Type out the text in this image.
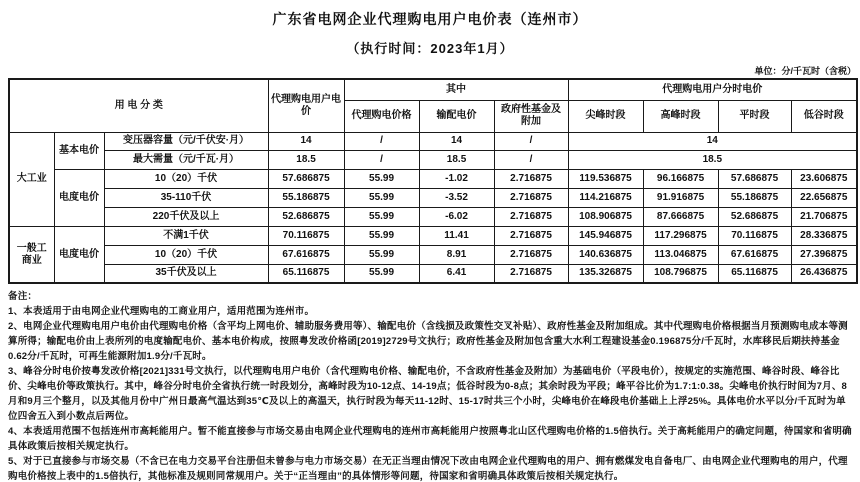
广东省电网企业代理购电用户电价表（连州市）
（执行时间：2023年1月）
单位：分/千瓦时（含税）
用 电 分 类			代理购电用户电价	其中			代理购电用户分时电价			
				代理购电价格	输配电价	政府性基金及附加	尖峰时段	高峰时段	平时段	低谷时段
大工业	基本电价	变压器容量（元/千伏安·月）	14	/	14	/	14			
		最大需量（元/千瓦·月）	18.5	/	18.5	/	18.5			
	电度电价	10（20）千伏	57.686875	55.99	-1.02	2.716875	119.536875	96.166875	57.686875	23.606875
		35-110千伏	55.186875	55.99	-3.52	2.716875	114.216875	91.916875	55.186875	22.656875
		220千伏及以上	52.686875	55.99	-6.02	2.716875	108.906875	87.666875	52.686875	21.706875
一般工商业	电度电价	不满1千伏	70.116875	55.99	11.41	2.716875	145.946875	117.296875	70.116875	28.336875
		10（20）千伏	67.616875	55.99	8.91	2.716875	140.636875	113.046875	67.616875	27.396875
		35千伏及以上	65.116875	55.99	6.41	2.716875	135.326875	108.796875	65.116875	26.436875

备注：

1、本表适用于由电网企业代理购电的工商业用户，适用范围为连州市。

2、电网企业代理购电用户电价由代理购电价格（含平均上网电价、辅助服务费用等）、输配电价（含线损及政策性交叉补贴）、政府性基金及附加组成。其中代理购电价格根据当月预测购电成本等测算所得；输配电价由上表所列的电度输配电价、基本电价构成，按照粤发改价格函[2019]2729号文执行；政府性基金及附加包含重大水利工程建设基金0.196875分/千瓦时，水库移民后期扶持基金0.62分/千瓦时，可再生能源附加1.9分/千瓦时。

3、峰谷分时电价按粤发改价格[2021]331号文执行，以代理购电用户电价（含代理购电价格、输配电价，不含政府性基金及附加）为基础电价（平段电价），按规定的实施范围、峰谷时段、峰谷比价、尖峰电价等政策执行。其中，峰谷分时电价全省执行统一时段划分，高峰时段为10-12点、14-19点；低谷时段为0-8点；其余时段为平段；峰平谷比价为1.7:1:0.38。尖峰电价执行时间为7月、8月和9月三个整月，以及其他月份中广州日最高气温达到35℃及以上的高温天，执行时段为每天11-12时、15-17时共三个小时，尖峰电价在峰段电价基础上上浮25%。具体电价水平以分/千瓦时为单位四舍五入到小数点后两位。

4、本表适用范围不包括连州市高耗能用户。暂不能直接参与市场交易由电网企业代理购电的连州市高耗能用户按照粤北山区代理购电价格的1.5倍执行。关于高耗能用户的确定问题，待国家和省明确具体政策后按相关规定执行。

5、对于已直接参与市场交易（不含已在电力交易平台注册但未曾参与电力市场交易）在无正当理由情况下改由电网企业代理购电的用户、拥有燃煤发电自备电厂、由电网企业代理购电的用户，代理购电价格按上表中的1.5倍执行，其他标准及规则同常规用户。关于“正当理由”的具体情形等问题，待国家和省明确具体政策后按相关规定执行。
